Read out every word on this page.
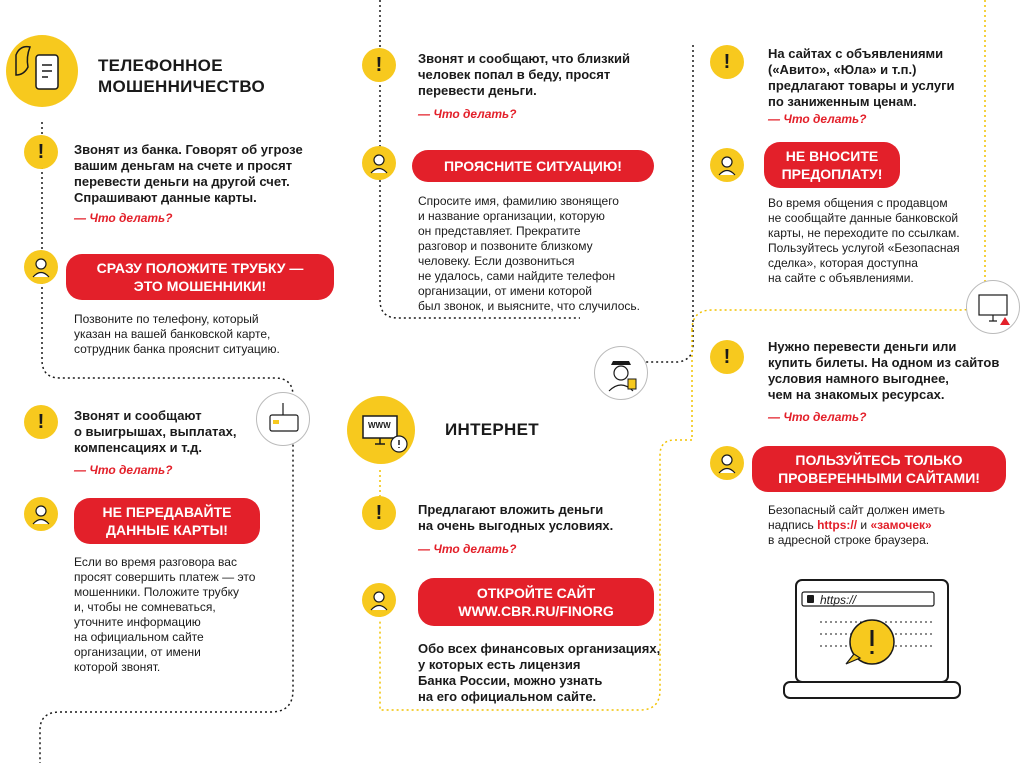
ТЕЛЕФОННОЕ
МОШЕННИЧЕСТВО
! Звонят из банка. Говорят об угрозе
вашим деньгам на счете и просят
перевести деньги на другой счет.
Спрашивают данные карты.
— Что делать?
СРАЗУ ПОЛОЖИТЕ ТРУБКУ —
ЭТО МОШЕННИКИ!
Позвоните по телефону, который
указан на вашей банковской карте,
сотрудник банка прояснит ситуацию.
! Звонят и сообщают
о выигрышах, выплатах,
компенсациях и т.д.
— Что делать?
НЕ ПЕРЕДАВАЙТЕ
ДАННЫЕ КАРТЫ!
Если во время разговора вас
просят совершить платеж — это
мошенники. Положите трубку
и, чтобы не сомневаться,
уточните информацию
на официальном сайте
организации, от имени
которой звонят.
!	Звонят и сообщают, что близкий
человек попал в беду, просят
перевести деньги.
— Что делать?
ПРОЯСНИТЕ СИТУАЦИЮ!
Спросите имя, фамилию звонящего
и название организации, которую
он представляет. Прекратите
разговор и позвоните близкому
человеку. Если дозвониться
не удалось, сами найдите телефон
организации, от имени которой
был звонок, и выясните, что случилось.
WWW	ИНТЕРНЕТ
!	Предлагают вложить деньги
на очень выгодных условиях.
— Что делать?
ОТКРОЙТЕ САЙТ
WWW.CBR.RU/FINORG
Обо всех финансовых организациях,
у которых есть лицензия
Банка России, можно узнать
на его официальном сайте.
!	На сайтах с объявлениями
(«Авито», «Юла» и т.п.)
предлагают товары и услуги
по заниженным ценам.
— Что делать?
НЕ ВНОСИТЕ
ПРЕДОПЛАТУ!
Во время общения с продавцом
не сообщайте данные банковской
карты, не переходите по ссылкам.
Пользуйтесь услугой «Безопасная
сделка», которая доступна
на сайте с объявлениями.
!	Нужно перевести деньги или
купить билеты. На одном из сайтов
условия намного выгоднее,
чем на знакомых ресурсах.
— Что делать?
ПОЛЬЗУЙТЕСЬ ТОЛЬКО
ПРОВЕРЕННЫМИ САЙТАМИ!
Безопасный сайт должен иметь
надпись https:// и «замочек»
в адресной строке браузера.
https://
